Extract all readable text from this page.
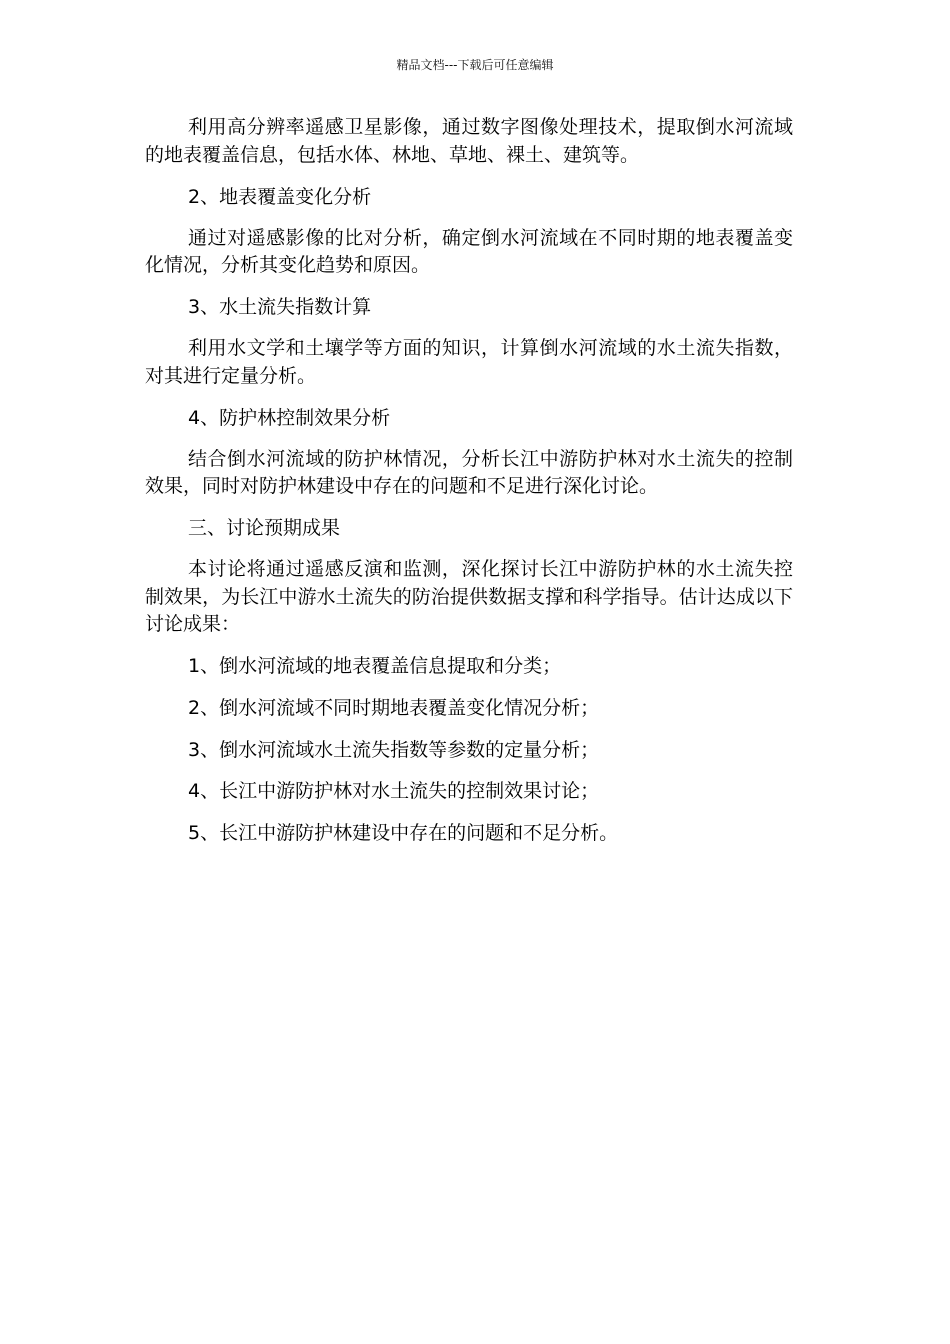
精品文档---下载后可任意编辑

利用高分辨率遥感卫星影像，通过数字图像处理技术，提取倒水河流域的地表覆盖信息，包括水体、林地、草地、裸土、建筑等。

2、地表覆盖变化分析

通过对遥感影像的比对分析，确定倒水河流域在不同时期的地表覆盖变化情况，分析其变化趋势和原因。

3、水土流失指数计算

利用水文学和土壤学等方面的知识，计算倒水河流域的水土流失指数，对其进行定量分析。

4、防护林控制效果分析

结合倒水河流域的防护林情况，分析长江中游防护林对水土流失的控制效果，同时对防护林建设中存在的问题和不足进行深化讨论。

三、讨论预期成果

本讨论将通过遥感反演和监测，深化探讨长江中游防护林的水土流失控制效果，为长江中游水土流失的防治提供数据支撑和科学指导。估计达成以下讨论成果：

1、倒水河流域的地表覆盖信息提取和分类；

2、倒水河流域不同时期地表覆盖变化情况分析；

3、倒水河流域水土流失指数等参数的定量分析；

4、长江中游防护林对水土流失的控制效果讨论；

5、长江中游防护林建设中存在的问题和不足分析。
